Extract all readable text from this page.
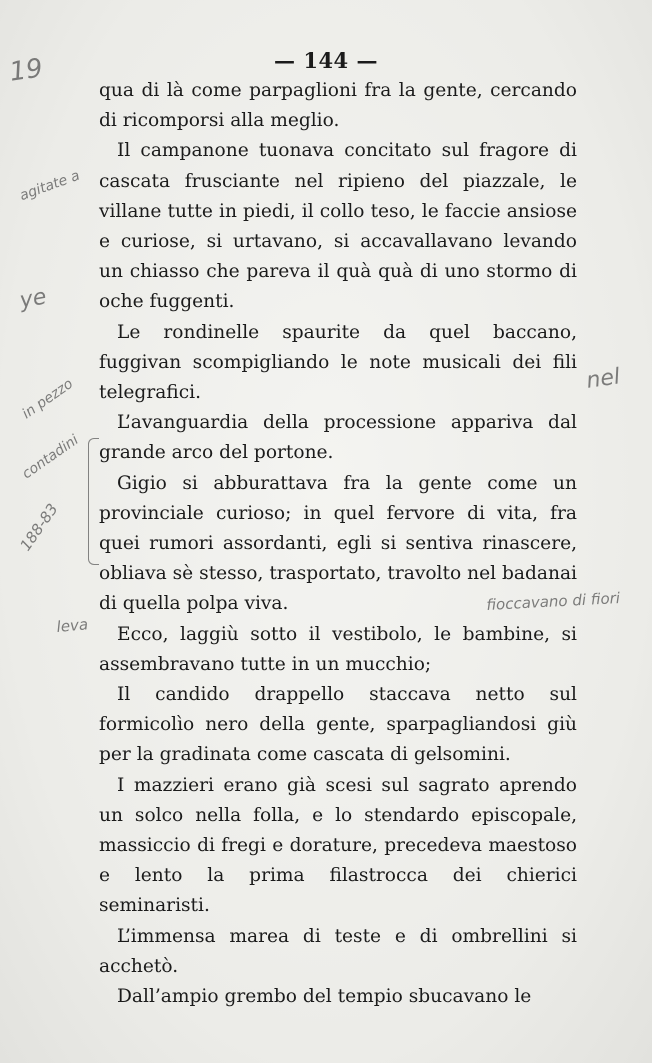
— 144 —

qua di là come parpaglioni fra la gente, cercando di ricomporsi alla meglio.

Il campanone tuonava concitato sul fragore di cascata frusciante nel ripieno del piazzale, le villane tutte in piedi, il collo teso, le faccie ansiose e curiose, si urtavano, si accavallavano levando un chiasso che pareva il quà quà di uno stormo di oche fuggenti.

Le rondinelle spaurite da quel baccano, fuggivan scompigliando le note musicali dei fili telegrafici.

L’avanguardia della processione appariva dal grande arco del portone.

Gigio si abburattava fra la gente come un provinciale curioso; in quel fervore di vita, fra quei rumori assordanti, egli si sentiva rinascere, obliava sè stesso, trasportato, travolto nel badanai di quella polpa viva.

Ecco, laggiù sotto il vestibolo, le bambine, si assembravano tutte in un mucchio;

Il candido drappello staccava netto sul formicolìo nero della gente, sparpagliandosi giù per la gradinata come cascata di gelsomini.

I mazzieri erano già scesi sul sagrato aprendo un solco nella folla, e lo stendardo episcopale, massiccio di fregi e dorature, precedeva maestoso e lento la prima filastrocca dei chierici seminaristi.

L’immensa marea di teste e di ombrellini si acchetò.

Dall’ampio grembo del tempio sbucavano le

19
agitate a
ye
in pezzo
contadini
188-83
leva
nel
fioccavano di fiori
